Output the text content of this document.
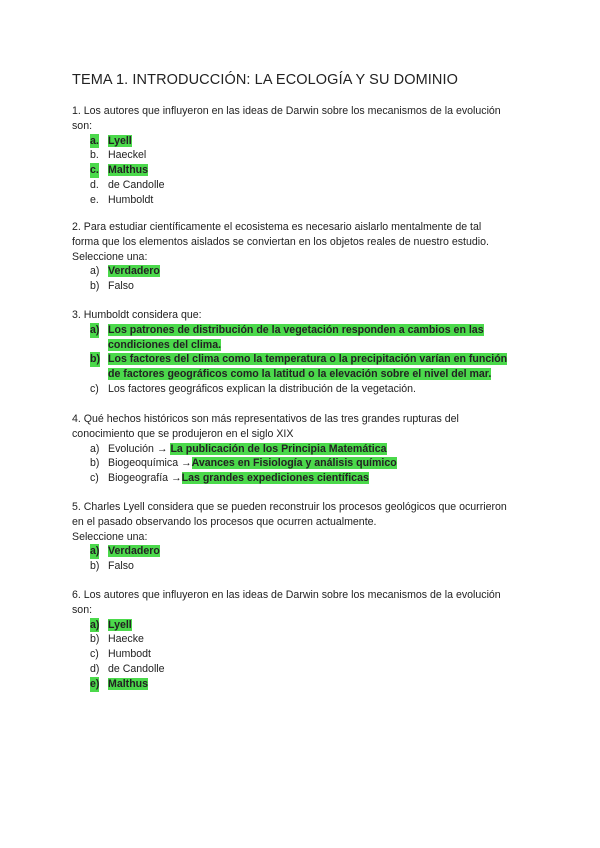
TEMA 1. INTRODUCCIÓN: LA ECOLOGÍA Y SU DOMINIO

1. Los autores que influyeron en las ideas de Darwin sobre los mecanismos de la evolución

son:

a. Lyell
b. Haeckel
c. Malthus
d. de Candolle
e. Humboldt

2. Para estudiar científicamente el ecosistema es necesario aislarlo mentalmente de tal

forma que los elementos aislados se conviertan en los objetos reales de nuestro estudio.

Seleccione una:

a) Verdadero
b) Falso

3. Humboldt considera que:

a) Los patrones de distribución de la vegetación responden a cambios en las
condiciones del clima.
b) Los factores del clima como la temperatura o la precipitación varían en función
de factores geográficos como la latitud o la elevación sobre el nivel del mar.
c) Los factores geográficos explican la distribución de la vegetación.

4. Qué hechos históricos son más representativos de las tres grandes rupturas del

conocimiento que se produjeron en el siglo XIX

a) Evolución → La publicación de los Principia Matemática
b) Biogeoquímica →Avances en Fisiología y análisis químico
c) Biogeografía →Las grandes expediciones científicas

5. Charles Lyell considera que se pueden reconstruir los procesos geológicos que ocurrieron

en el pasado observando los procesos que ocurren actualmente.

Seleccione una:

a) Verdadero
b) Falso

6. Los autores que influyeron en las ideas de Darwin sobre los mecanismos de la evolución

son:

a) Lyell
b) Haecke
c) Humbodt
d) de Candolle
e) Malthus
